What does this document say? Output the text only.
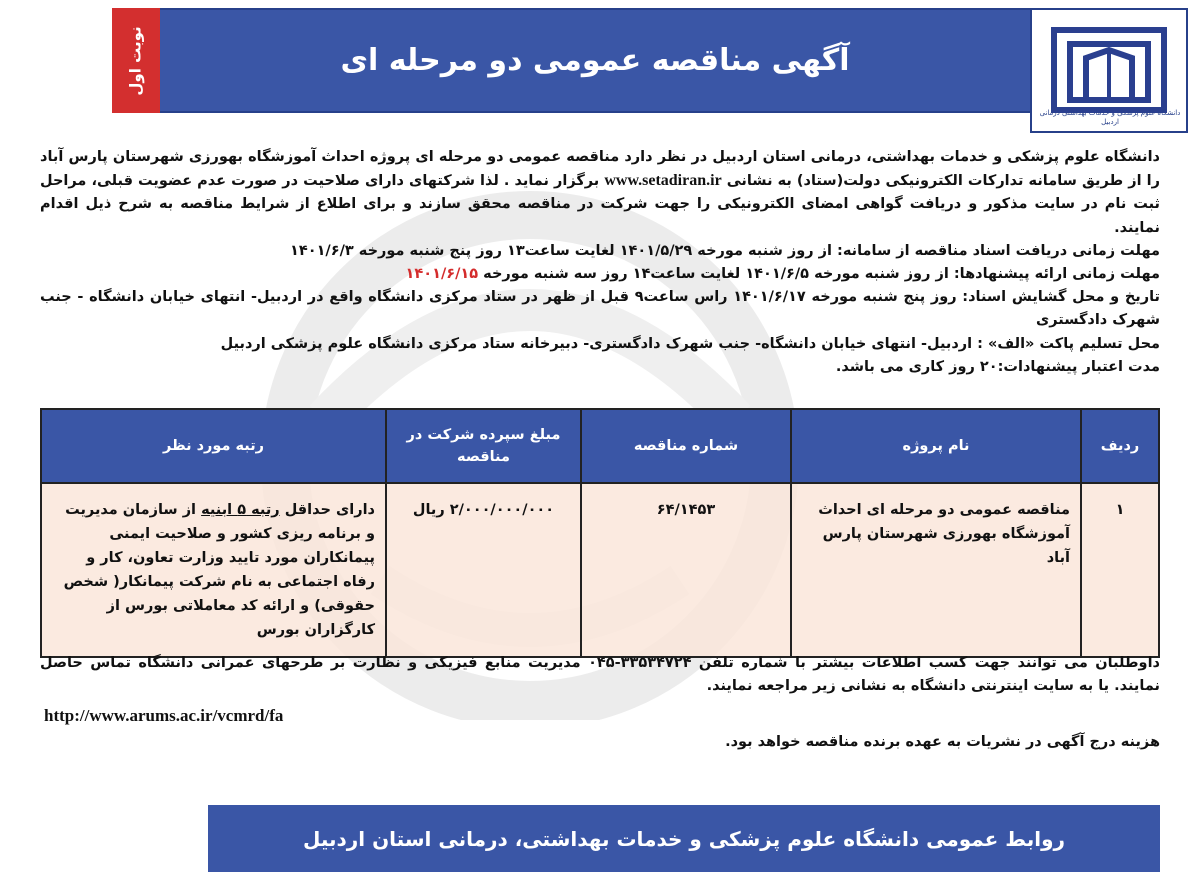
آگهی مناقصه عمومی دو مرحله ای
نوبت اول
دانشگاه علوم پزشکی و خدمات بهداشتی درمانی اردبیل

دانشگاه علوم پزشکی و خدمات بهداشتی، درمانی استان اردبیل در نظر دارد مناقصه عمومی دو مرحله ای پروژه احداث آموزشگاه بهورزی شهرستان پارس آباد را از طریق سامانه تدارکات الکترونیکی دولت(ستاد) به نشانی www.setadiran.ir برگزار نماید . لذا شرکتهای دارای صلاحیت در صورت عدم عضویت قبلی، مراحل ثبت نام در سایت مذکور و دریافت گواهی امضای الکترونیکی را جهت شرکت در مناقصه محقق سازند و برای اطلاع از شرایط مناقصه به شرح ذیل اقدام نمایند.

مهلت زمانی دریافت اسناد مناقصه از سامانه: از روز شنبه مورخه ۱۴۰۱/۵/۲۹ لغایت ساعت۱۳ روز پنج شنبه مورخه ۱۴۰۱/۶/۳

مهلت زمانی ارائه پیشنهادها: از روز شنبه مورخه ۱۴۰۱/۶/۵ لغایت ساعت۱۴ روز سه شنبه مورخه ۱۴۰۱/۶/۱۵

تاریخ و محل گشایش اسناد: روز پنج شنبه مورخه ۱۴۰۱/۶/۱۷ راس ساعت۹ قبل از ظهر در ستاد مرکزی دانشگاه واقع در اردبیل- انتهای خیابان دانشگاه - جنب شهرک دادگستری

محل تسلیم پاکت «الف» : اردبیل- انتهای خیابان دانشگاه- جنب شهرک دادگستری- دبیرخانه ستاد مرکزی دانشگاه علوم پزشکی اردبیل

مدت اعتبار پیشنهادات:۲۰ روز کاری می باشد.

ردیف	نام پروژه	شماره مناقصه	مبلغ سپرده شرکت در مناقصه	رتبه مورد نظر
۱	مناقصه عمومی دو مرحله ای احداث آموزشگاه بهورزی شهرستان پارس آباد	۶۴/۱۴۵۳	۲/۰۰۰/۰۰۰/۰۰۰ ریال	دارای حداقل رتبه ۵ ابنیه از سازمان مدیریت و برنامه ریزی کشور و صلاحیت ایمنی پیمانکاران مورد تایید وزارت تعاون، کار و رفاه اجتماعی به نام شرکت پیمانکار( شخص حقوقی) و ارائه کد معاملاتی بورس از کارگزاران بورس
داوطلبان می توانند جهت کسب اطلاعات بیشتر با شماره تلفن ۳۳۵۳۴۷۲۴-۰۴۵ مدیریت منابع فیزیکی و نظارت بر طرحهای عمرانی دانشگاه تماس حاصل نمایند. یا به سایت اینترنتی دانشگاه به نشانی زیر مراجعه نمایند.
http://www.arums.ac.ir/vcmrd/fa
هزینه درج آگهی در نشریات به عهده برنده مناقصه خواهد بود.
روابط عمومی دانشگاه علوم پزشکی و خدمات بهداشتی، درمانی استان اردبیل
